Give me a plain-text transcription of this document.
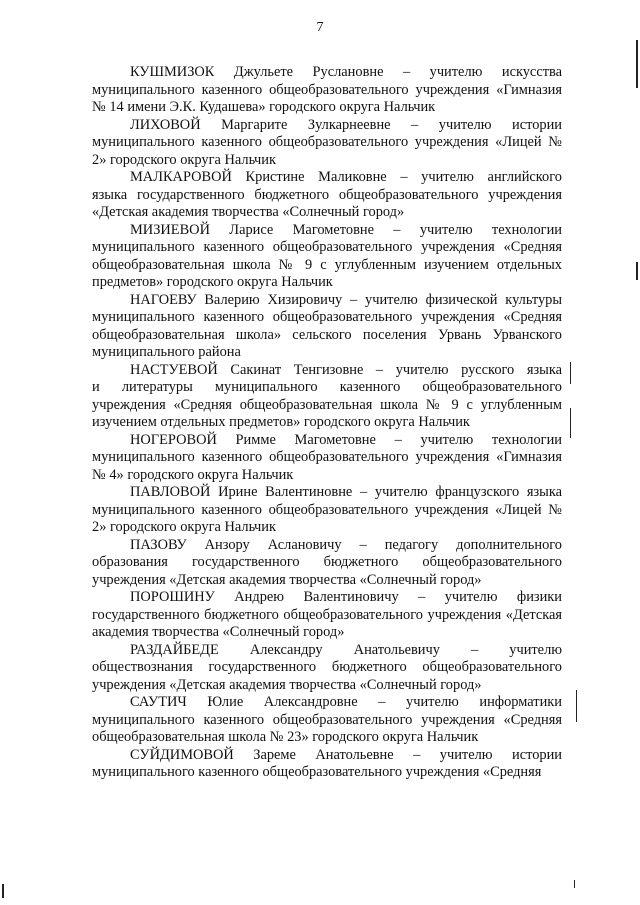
7

КУШМИЗОК Джульете Руслановне – учителю искусства
муниципального казенного общеобразовательного учреждения «Гимназия № 14 имени Э.К. Кудашева» городского округа Нальчик

ЛИХОВОЙ Маргарите Зулкарнеевне – учителю истории
муниципального казенного общеобразовательного учреждения «Лицей № 2» городского округа Нальчик

МАЛКАРОВОЙ Кристине Маликовне – учителю английского
языка государственного бюджетного общеобразовательного учреждения «Детская академия творчества «Солнечный город»

МИЗИЕВОЙ Ларисе Магометовне – учителю технологии
муниципального казенного общеобразовательного учреждения «Средняя общеобразовательная школа № 9 с углубленным изучением отдельных предметов» городского округа Нальчик

НАГОЕВУ Валерию Хизировичу – учителю физической культуры
муниципального казенного общеобразовательного учреждения «Средняя общеобразовательная школа» сельского поселения Урвань Урванского муниципального района

НАСТУЕВОЙ Сакинат Тенгизовне – учителю русского языка
и литературы муниципального казенного общеобразовательного учреждения «Средняя общеобразовательная школа № 9 с углубленным изучением отдельных предметов» городского округа Нальчик

НОГЕРОВОЙ Римме Магометовне – учителю технологии
муниципального казенного общеобразовательного учреждения «Гимназия № 4» городского округа Нальчик

ПАВЛОВОЙ Ирине Валентиновне – учителю французского языка
муниципального казенного общеобразовательного учреждения «Лицей № 2» городского округа Нальчик

ПАЗОВУ Анзору Аслановичу – педагогу дополнительного
образования государственного бюджетного общеобразовательного учреждения «Детская академия творчества «Солнечный город»

ПОРОШИНУ Андрею Валентиновичу – учителю физики
государственного бюджетного общеобразовательного учреждения «Детская академия творчества «Солнечный город»

РАЗДАЙБЕДЕ Александру Анатольевичу – учителю
обществознания государственного бюджетного общеобразовательного учреждения «Детская академия творчества «Солнечный город»

САУТИЧ Юлие Александровне – учителю информатики
муниципального казенного общеобразовательного учреждения «Средняя общеобразовательная школа № 23» городского округа Нальчик

СУЙДИМОВОЙ Зареме Анатольевне – учителю истории
муниципального казенного общеобразовательного учреждения «Средняя
